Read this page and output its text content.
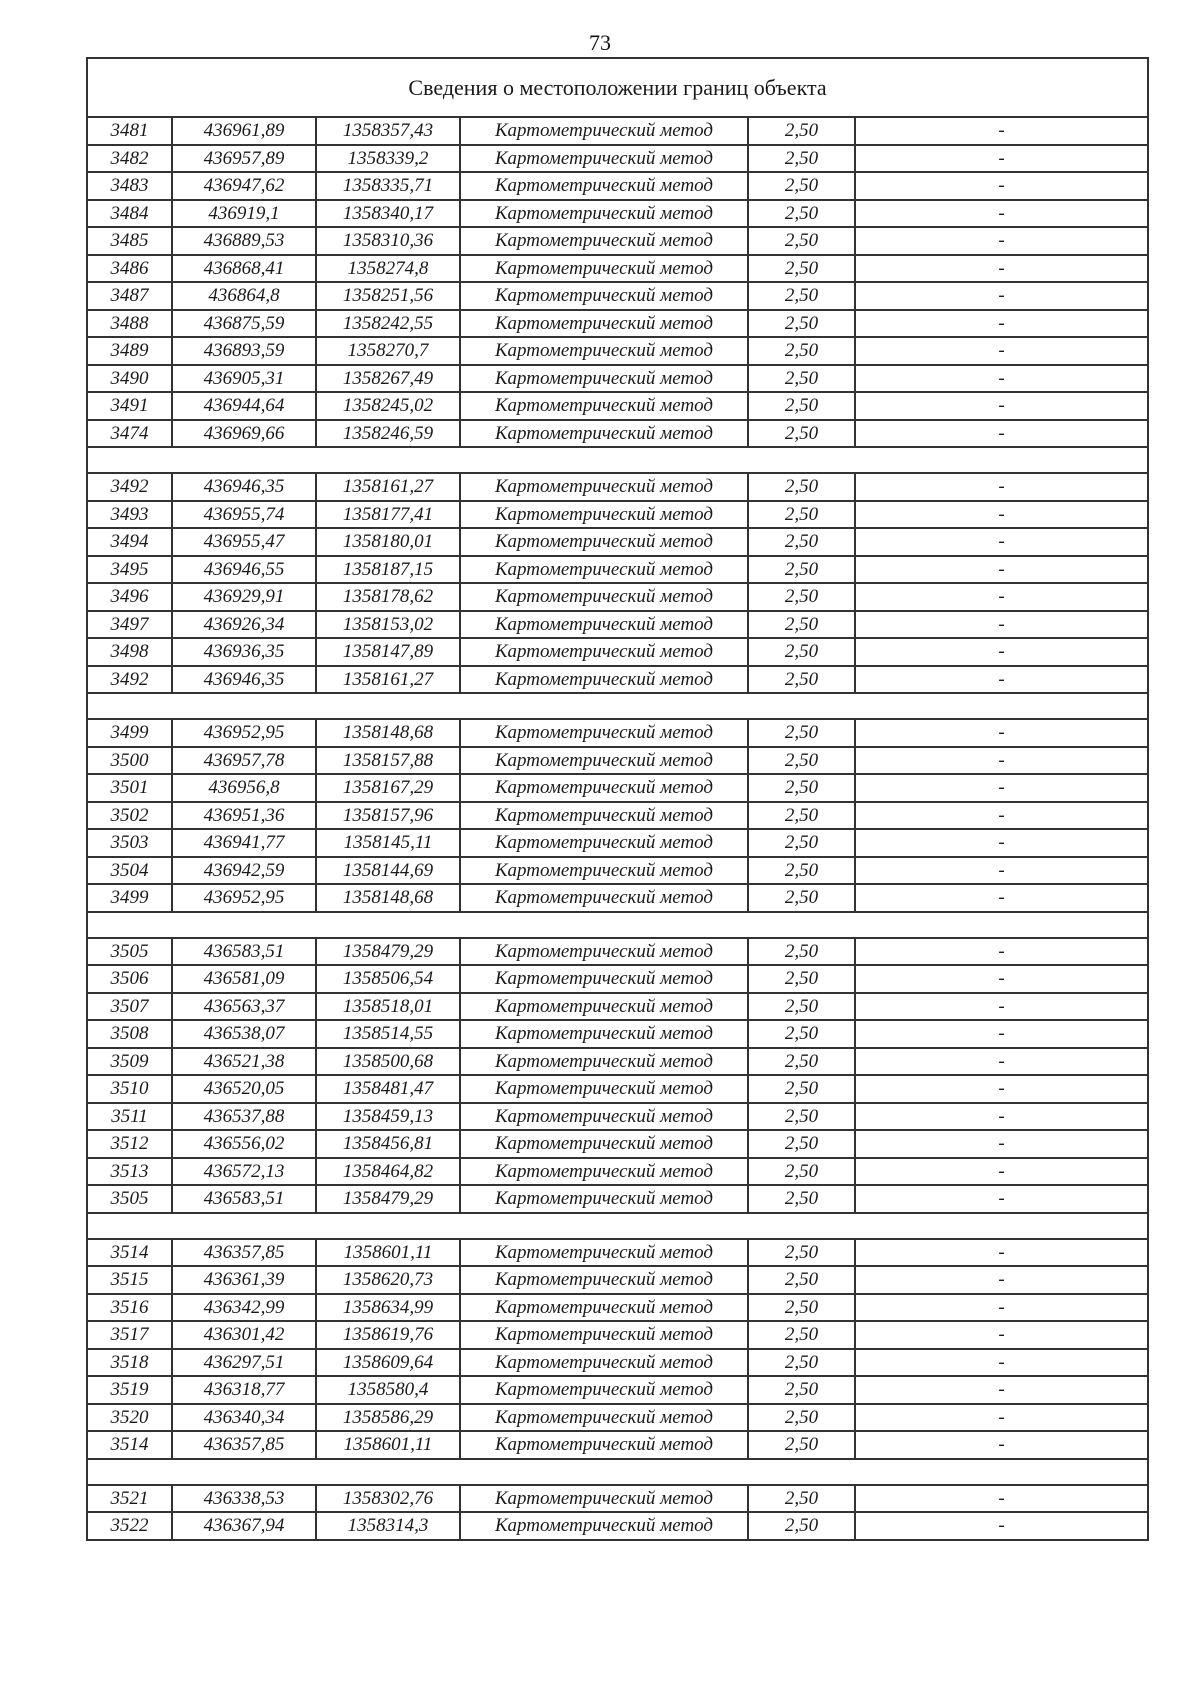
73
Сведения о местоположении границ объекта					
3481	436961,89	1358357,43	Картометрический метод	2,50	-
3482	436957,89	1358339,2	Картометрический метод	2,50	-
3483	436947,62	1358335,71	Картометрический метод	2,50	-
3484	436919,1	1358340,17	Картометрический метод	2,50	-
3485	436889,53	1358310,36	Картометрический метод	2,50	-
3486	436868,41	1358274,8	Картометрический метод	2,50	-
3487	436864,8	1358251,56	Картометрический метод	2,50	-
3488	436875,59	1358242,55	Картометрический метод	2,50	-
3489	436893,59	1358270,7	Картометрический метод	2,50	-
3490	436905,31	1358267,49	Картометрический метод	2,50	-
3491	436944,64	1358245,02	Картометрический метод	2,50	-
3474	436969,66	1358246,59	Картометрический метод	2,50	-

3492	436946,35	1358161,27	Картометрический метод	2,50	-
3493	436955,74	1358177,41	Картометрический метод	2,50	-
3494	436955,47	1358180,01	Картометрический метод	2,50	-
3495	436946,55	1358187,15	Картометрический метод	2,50	-
3496	436929,91	1358178,62	Картометрический метод	2,50	-
3497	436926,34	1358153,02	Картометрический метод	2,50	-
3498	436936,35	1358147,89	Картометрический метод	2,50	-
3492	436946,35	1358161,27	Картометрический метод	2,50	-

3499	436952,95	1358148,68	Картометрический метод	2,50	-
3500	436957,78	1358157,88	Картометрический метод	2,50	-
3501	436956,8	1358167,29	Картометрический метод	2,50	-
3502	436951,36	1358157,96	Картометрический метод	2,50	-
3503	436941,77	1358145,11	Картометрический метод	2,50	-
3504	436942,59	1358144,69	Картометрический метод	2,50	-
3499	436952,95	1358148,68	Картометрический метод	2,50	-

3505	436583,51	1358479,29	Картометрический метод	2,50	-
3506	436581,09	1358506,54	Картометрический метод	2,50	-
3507	436563,37	1358518,01	Картометрический метод	2,50	-
3508	436538,07	1358514,55	Картометрический метод	2,50	-
3509	436521,38	1358500,68	Картометрический метод	2,50	-
3510	436520,05	1358481,47	Картометрический метод	2,50	-
3511	436537,88	1358459,13	Картометрический метод	2,50	-
3512	436556,02	1358456,81	Картометрический метод	2,50	-
3513	436572,13	1358464,82	Картометрический метод	2,50	-
3505	436583,51	1358479,29	Картометрический метод	2,50	-

3514	436357,85	1358601,11	Картометрический метод	2,50	-
3515	436361,39	1358620,73	Картометрический метод	2,50	-
3516	436342,99	1358634,99	Картометрический метод	2,50	-
3517	436301,42	1358619,76	Картометрический метод	2,50	-
3518	436297,51	1358609,64	Картометрический метод	2,50	-
3519	436318,77	1358580,4	Картометрический метод	2,50	-
3520	436340,34	1358586,29	Картометрический метод	2,50	-
3514	436357,85	1358601,11	Картометрический метод	2,50	-

3521	436338,53	1358302,76	Картометрический метод	2,50	-
3522	436367,94	1358314,3	Картометрический метод	2,50	-
